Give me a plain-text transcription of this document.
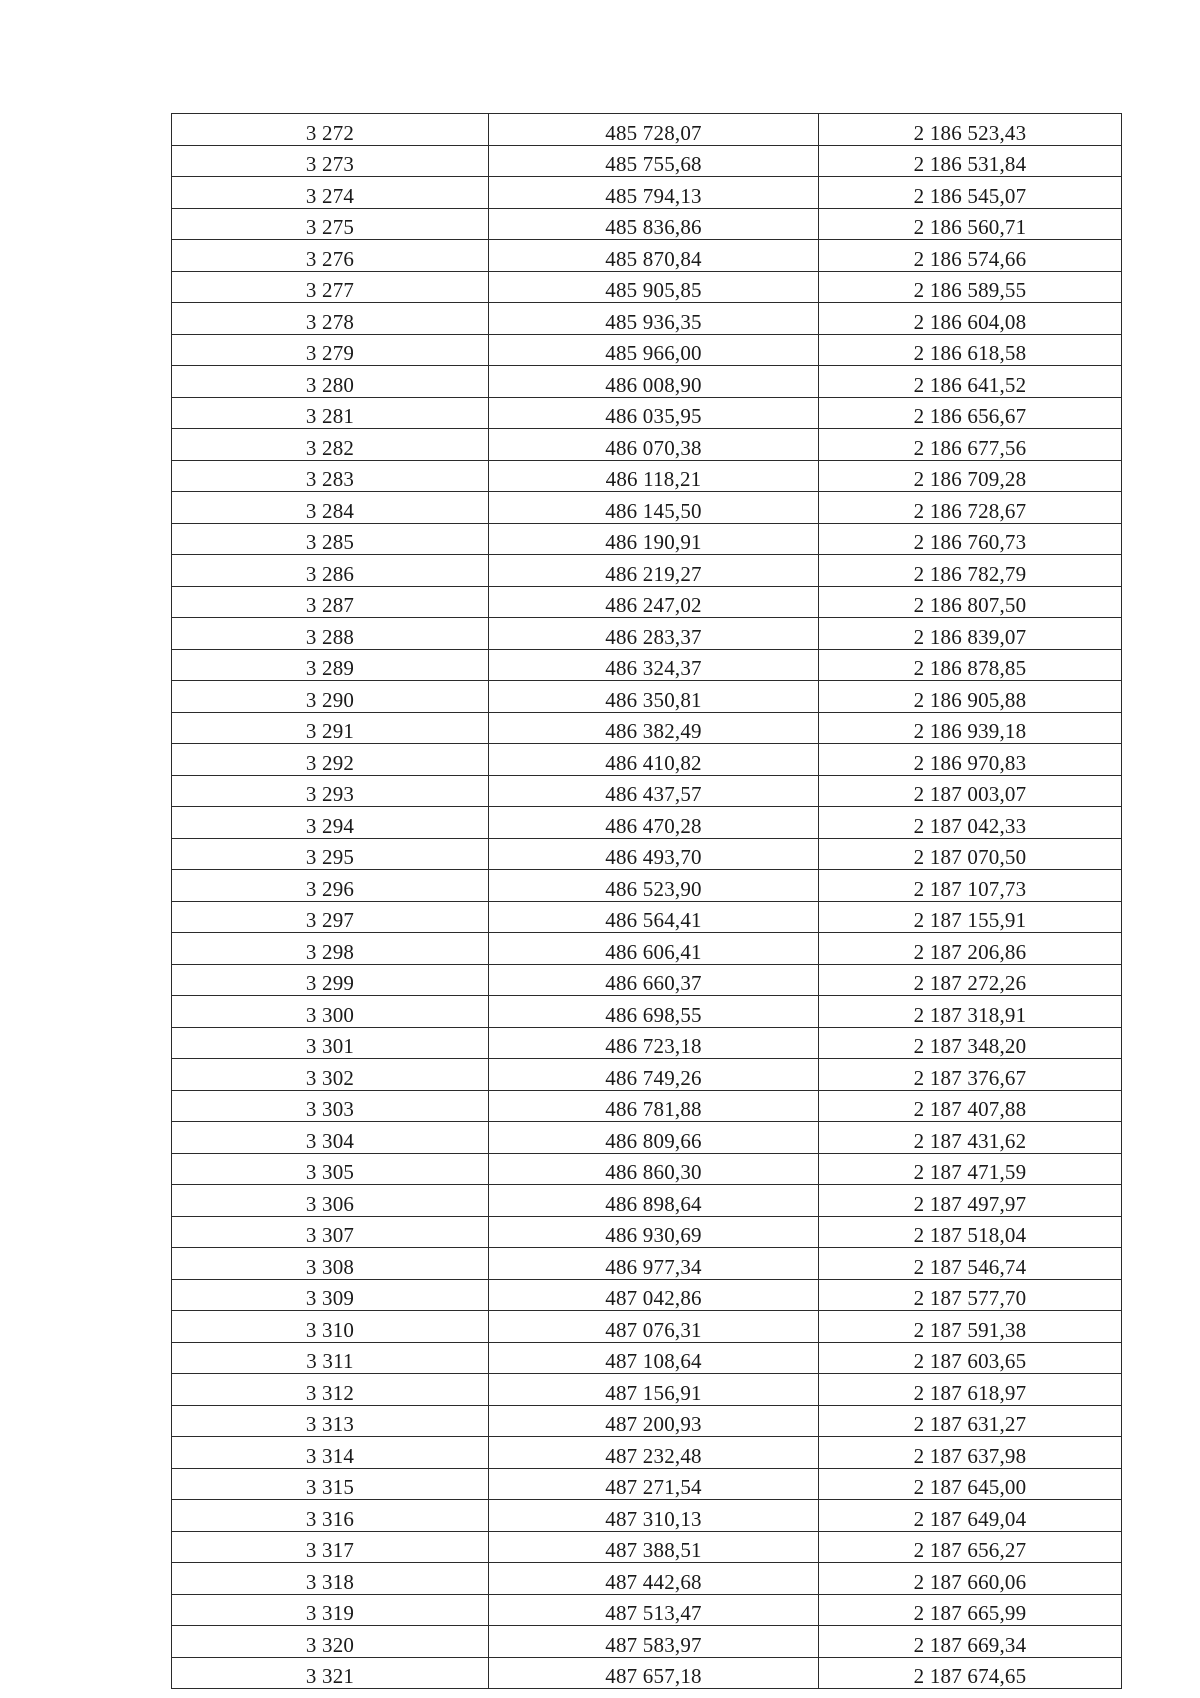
3 272	485 728,07	2 186 523,43
3 273	485 755,68	2 186 531,84
3 274	485 794,13	2 186 545,07
3 275	485 836,86	2 186 560,71
3 276	485 870,84	2 186 574,66
3 277	485 905,85	2 186 589,55
3 278	485 936,35	2 186 604,08
3 279	485 966,00	2 186 618,58
3 280	486 008,90	2 186 641,52
3 281	486 035,95	2 186 656,67
3 282	486 070,38	2 186 677,56
3 283	486 118,21	2 186 709,28
3 284	486 145,50	2 186 728,67
3 285	486 190,91	2 186 760,73
3 286	486 219,27	2 186 782,79
3 287	486 247,02	2 186 807,50
3 288	486 283,37	2 186 839,07
3 289	486 324,37	2 186 878,85
3 290	486 350,81	2 186 905,88
3 291	486 382,49	2 186 939,18
3 292	486 410,82	2 186 970,83
3 293	486 437,57	2 187 003,07
3 294	486 470,28	2 187 042,33
3 295	486 493,70	2 187 070,50
3 296	486 523,90	2 187 107,73
3 297	486 564,41	2 187 155,91
3 298	486 606,41	2 187 206,86
3 299	486 660,37	2 187 272,26
3 300	486 698,55	2 187 318,91
3 301	486 723,18	2 187 348,20
3 302	486 749,26	2 187 376,67
3 303	486 781,88	2 187 407,88
3 304	486 809,66	2 187 431,62
3 305	486 860,30	2 187 471,59
3 306	486 898,64	2 187 497,97
3 307	486 930,69	2 187 518,04
3 308	486 977,34	2 187 546,74
3 309	487 042,86	2 187 577,70
3 310	487 076,31	2 187 591,38
3 311	487 108,64	2 187 603,65
3 312	487 156,91	2 187 618,97
3 313	487 200,93	2 187 631,27
3 314	487 232,48	2 187 637,98
3 315	487 271,54	2 187 645,00
3 316	487 310,13	2 187 649,04
3 317	487 388,51	2 187 656,27
3 318	487 442,68	2 187 660,06
3 319	487 513,47	2 187 665,99
3 320	487 583,97	2 187 669,34
3 321	487 657,18	2 187 674,65
